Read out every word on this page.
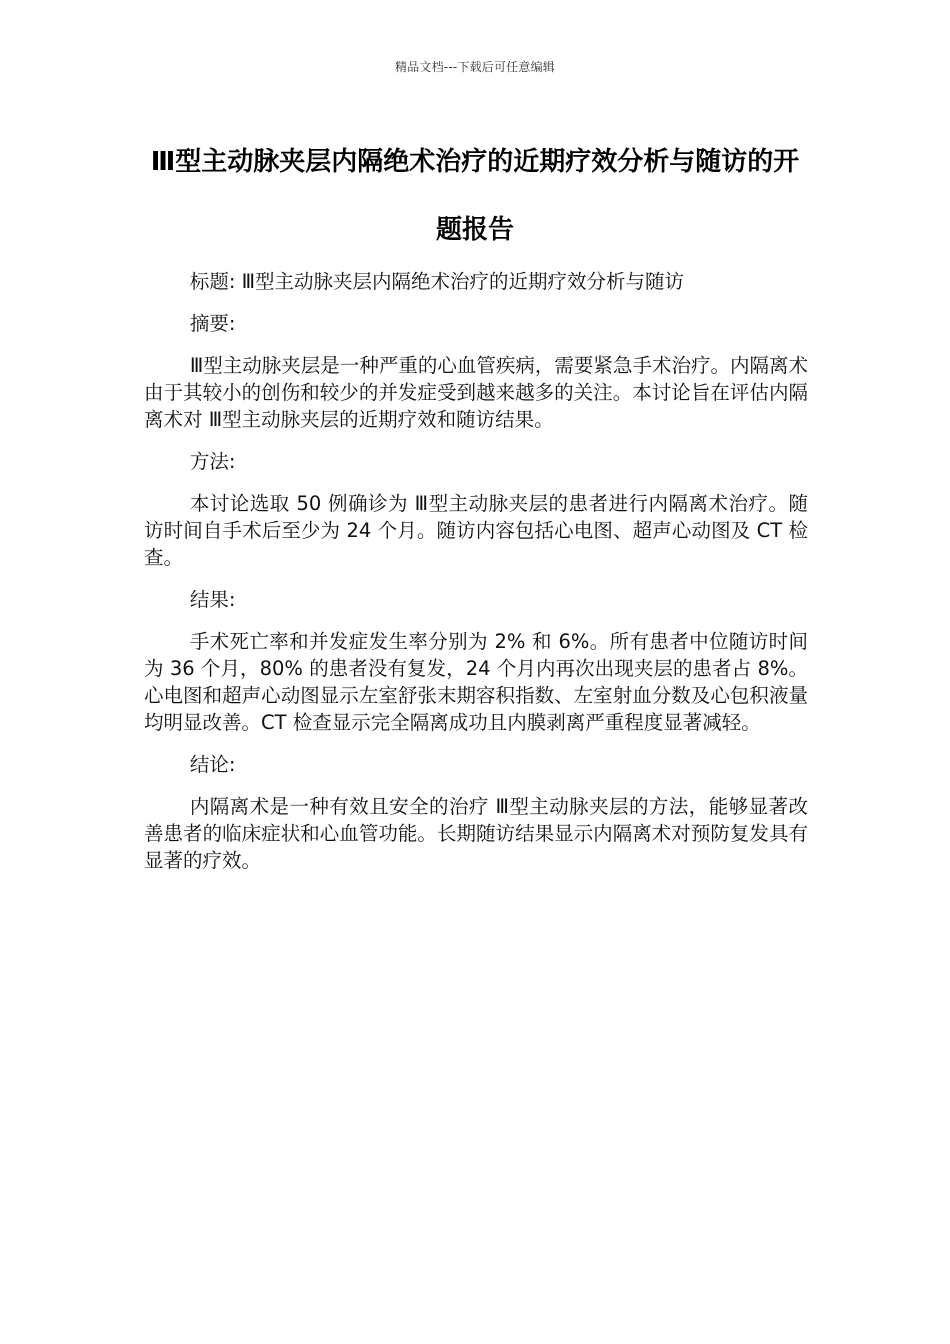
精品文档---下载后可任意编辑
Ⅲ型主动脉夹层内隔绝术治疗的近期疗效分析与随访的开题报告

标题: Ⅲ型主动脉夹层内隔绝术治疗的近期疗效分析与随访

摘要:

Ⅲ型主动脉夹层是一种严重的心血管疾病，需要紧急手术治疗。内隔离术由于其较小的创伤和较少的并发症受到越来越多的关注。本讨论旨在评估内隔离术对 Ⅲ型主动脉夹层的近期疗效和随访结果。

方法:

本讨论选取 50 例确诊为 Ⅲ型主动脉夹层的患者进行内隔离术治疗。随访时间自手术后至少为 24 个月。随访内容包括心电图、超声心动图及 CT 检查。

结果:

手术死亡率和并发症发生率分别为 2% 和 6%。所有患者中位随访时间为 36 个月，80% 的患者没有复发，24 个月内再次出现夹层的患者占 8%。心电图和超声心动图显示左室舒张末期容积指数、左室射血分数及心包积液量均明显改善。CT 检查显示完全隔离成功且内膜剥离严重程度显著减轻。

结论:

内隔离术是一种有效且安全的治疗 Ⅲ型主动脉夹层的方法，能够显著改善患者的临床症状和心血管功能。长期随访结果显示内隔离术对预防复发具有显著的疗效。
